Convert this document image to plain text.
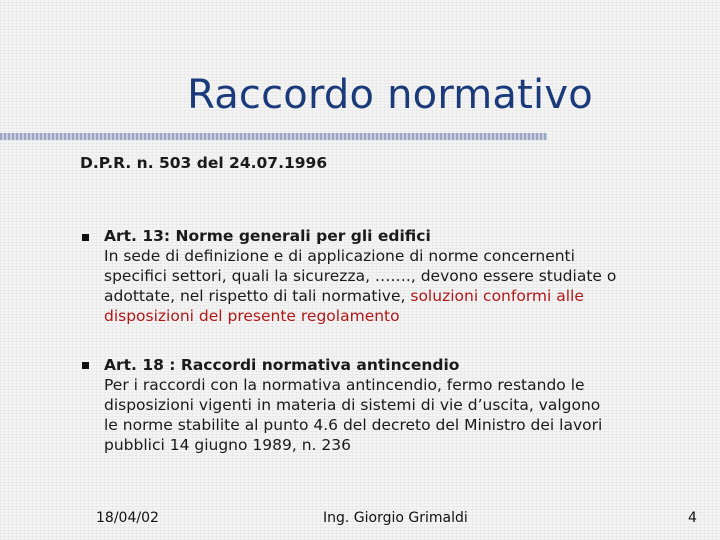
Raccordo normativo
D.P.R. n. 503 del 24.07.1996
Art. 13: Norme generali per gli edifici
In sede di definizione e di applicazione di norme concernenti
specifici settori, quali la sicurezza, ……., devono essere studiate o
adottate, nel rispetto di tali normative, soluzioni conformi alle
disposizioni del presente regolamento
Art. 18 : Raccordi normativa antincendio
Per i raccordi con la normativa antincendio, fermo restando le
disposizioni vigenti in materia di sistemi di vie d’uscita, valgono
le norme stabilite al punto 4.6 del decreto del Ministro dei lavori
pubblici 14 giugno 1989, n. 236
18/04/02	Ing. Giorgio Grimaldi	4
